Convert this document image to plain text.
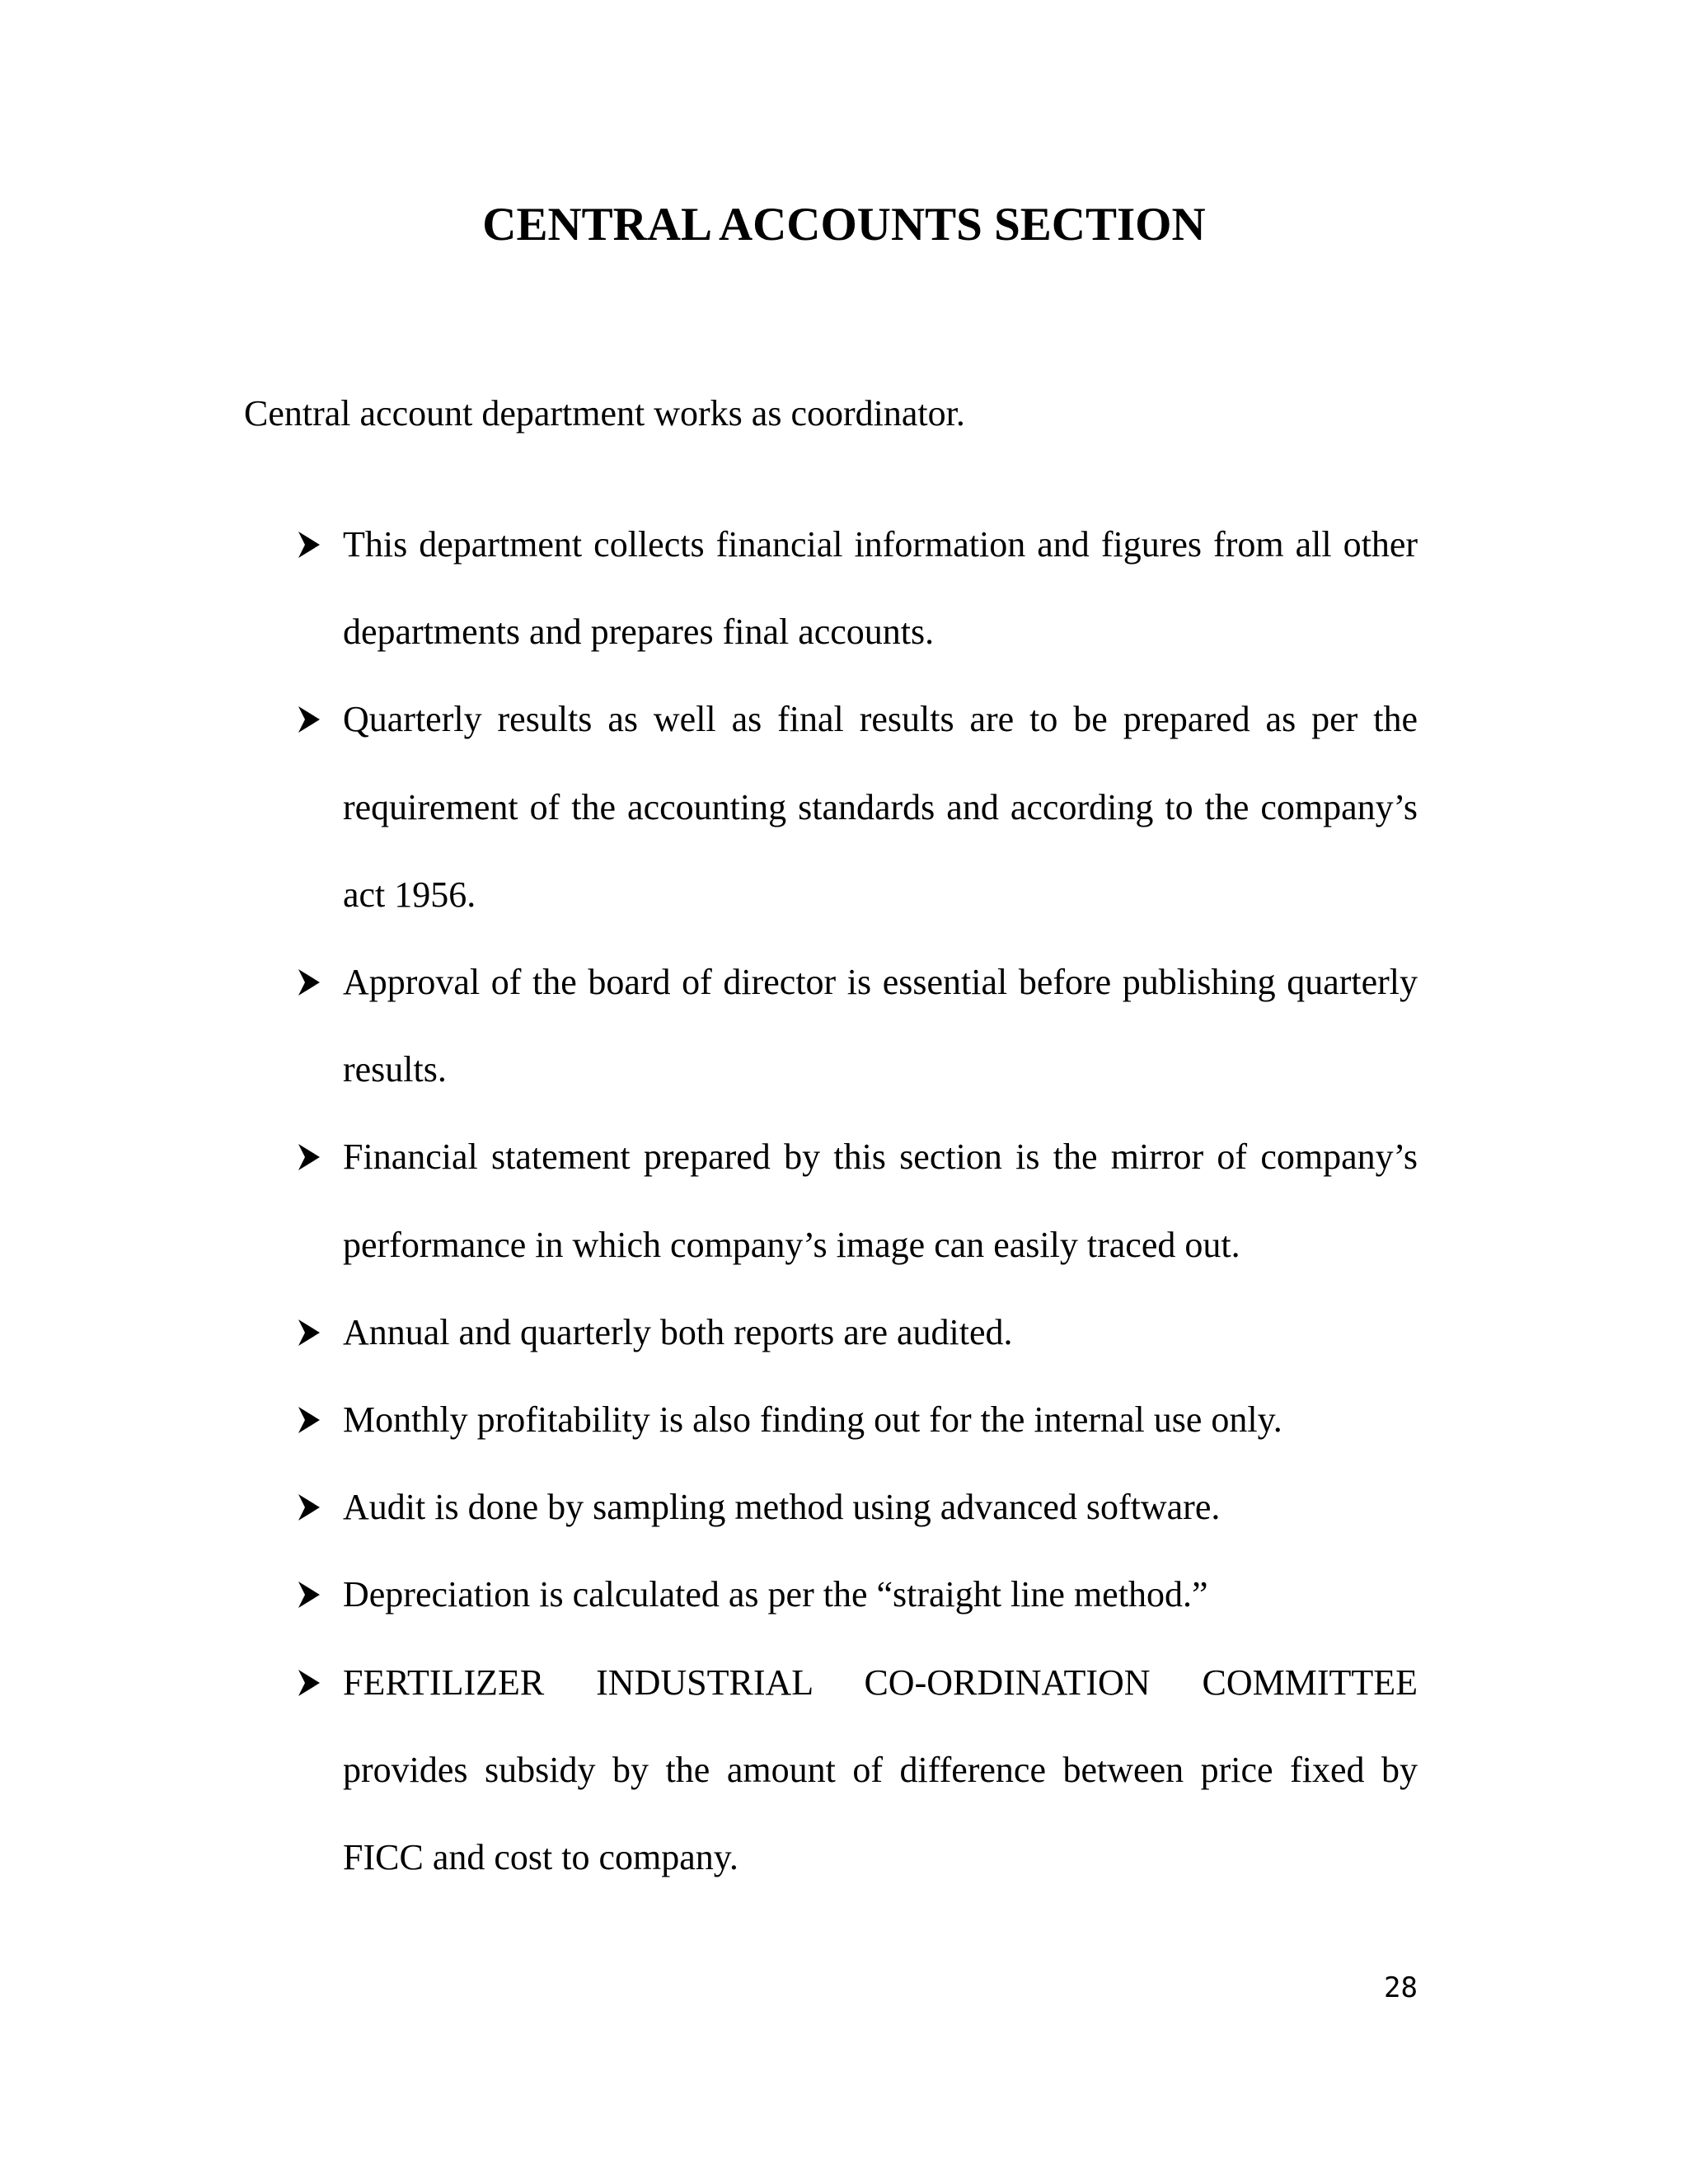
CENTRAL ACCOUNTS SECTION

Central account department works as coordinator.

This department collects financial information and figures from all other departments and prepares final accounts.
Quarterly results as well as final results are to be prepared as per the requirement of the accounting standards and according to the company’s act 1956.
Approval of the board of director is essential before publishing quarterly results.
Financial statement prepared by this section is the mirror of company’s performance in which company’s image can easily traced out.
Annual and quarterly both reports are audited.
Monthly profitability is also finding out for the internal use only.
Audit is done by sampling method using advanced software.
Depreciation is calculated as per the “straight line method.”
FERTILIZER INDUSTRIAL CO-ORDINATION COMMITTEE provides subsidy by the amount of difference between price fixed by FICC and cost to company.

28
